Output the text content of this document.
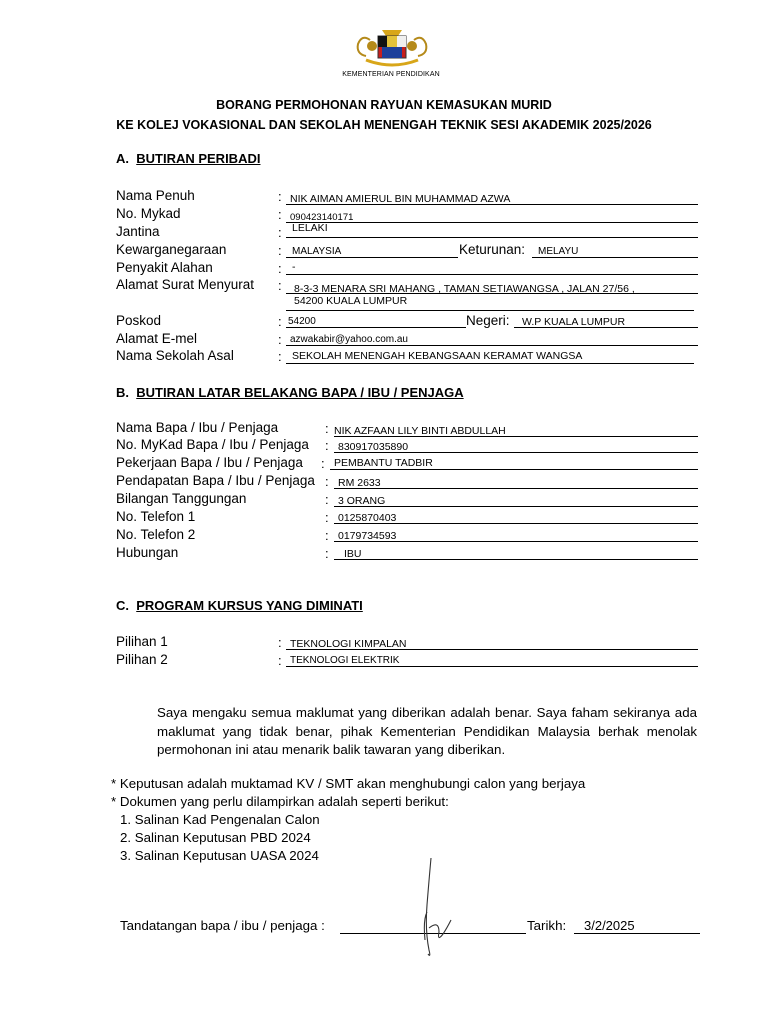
KEMENTERIAN PENDIDIKAN
BORANG PERMOHONAN RAYUAN KEMASUKAN MURID
KE KOLEJ VOKASIONAL DAN SEKOLAH MENENGAH TEKNIK SESI AKADEMIK 2025/2026
A. BUTIRAN PERIBADI
Nama Penuh	: NIK AIMAN AMIERUL BIN MUHAMMAD AZWA
No. Mykad	: 090423140171
Jantina	: LELAKI
Kewarganegaraan	: MALAYSIA	Keturunan: MELAYU
Penyakit Alahan	: -
Alamat Surat Menyurat : 8-3-3 MENARA SRI MAHANG , TAMAN SETIAWANGSA , JALAN 27/56 ,
54200 KUALA LUMPUR
Poskod	: 54200	Negeri: W.P KUALA LUMPUR
Alamat E-mel	: azwakabir@yahoo.com.au
Nama Sekolah Asal	: SEKOLAH MENENGAH KEBANGSAAN KERAMAT WANGSA
B. BUTIRAN LATAR BELAKANG BAPA / IBU / PENJAGA
Nama Bapa / Ibu / Penjaga	: NIK AZFAAN LILY BINTI ABDULLAH
No. MyKad Bapa / Ibu / Penjaga : 830917035890
Pekerjaan Bapa / Ibu / Penjaga : PEMBANTU TADBIR
Pendapatan Bapa / Ibu / Penjaga : RM 2633
Bilangan Tanggungan	: 3 ORANG
No. Telefon 1	: 0125870403
No. Telefon 2	: 0179734593
Hubungan	: IBU
C. PROGRAM KURSUS YANG DIMINATI
Pilihan 1	: TEKNOLOGI KIMPALAN
Pilihan 2	: TEKNOLOGI ELEKTRIK
Saya mengaku semua maklumat yang diberikan adalah benar. Saya faham sekiranya ada maklumat yang tidak benar, pihak Kementerian Pendidikan Malaysia berhak menolak permohonan ini atau menarik balik tawaran yang diberikan.
* Keputusan adalah muktamad KV / SMT akan menghubungi calon yang berjaya
* Dokumen yang perlu dilampirkan adalah seperti berikut:
1. Salinan Kad Pengenalan Calon
2. Salinan Keputusan PBD 2024
3. Salinan Keputusan UASA 2024
Tandatangan bapa / ibu / penjaga :	Tarikh: 3/2/2025
